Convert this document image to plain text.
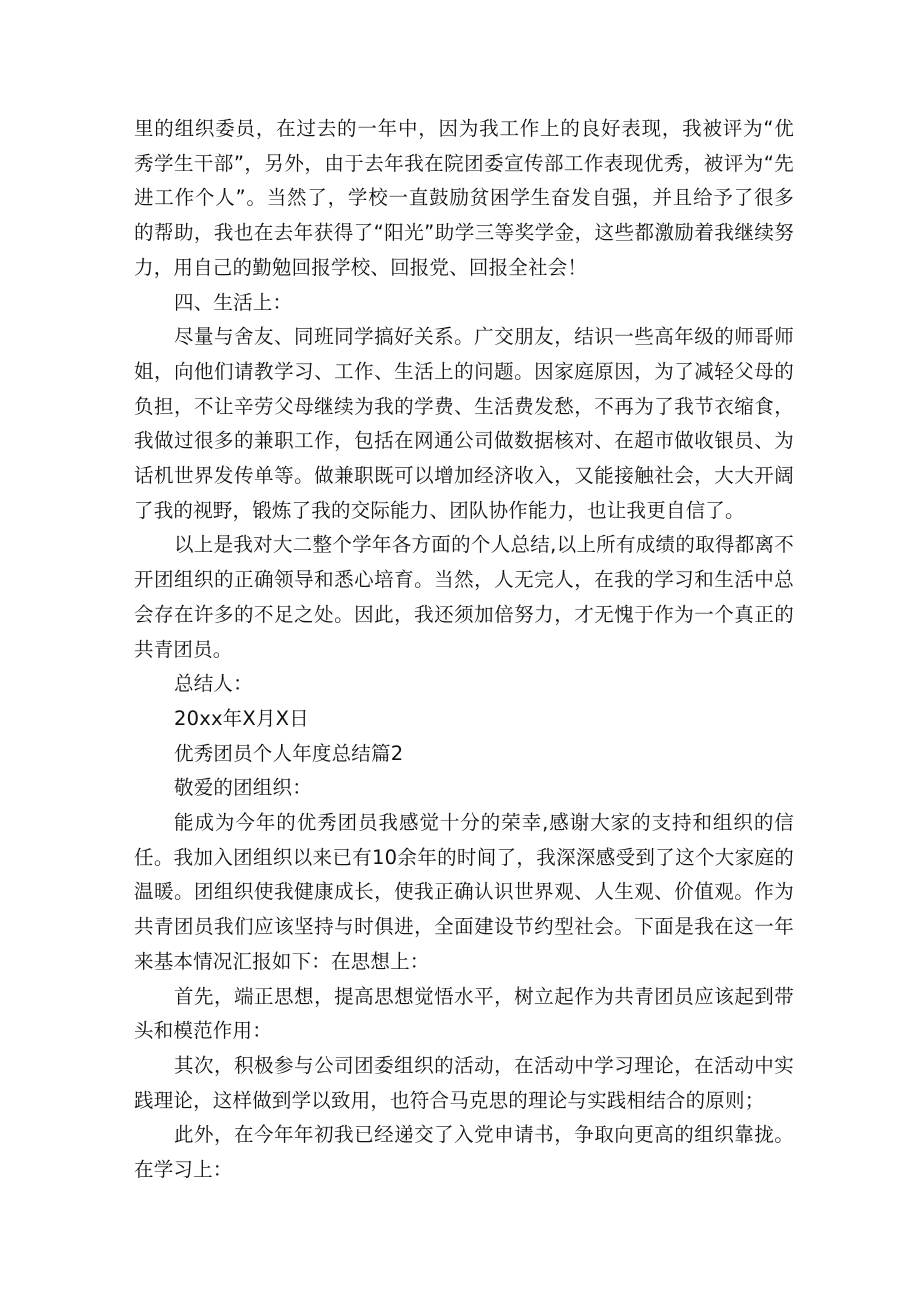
里的组织委员，在过去的一年中，因为我工作上的良好表现，我被评为“优秀学生干部”，另外，由于去年我在院团委宣传部工作表现优秀，被评为“先进工作个人”。当然了，学校一直鼓励贫困学生奋发自强，并且给予了很多的帮助，我也在去年获得了“阳光”助学三等奖学金，这些都激励着我继续努力，用自己的勤勉回报学校、回报党、回报全社会！

四、生活上：

尽量与舍友、同班同学搞好关系。广交朋友，结识一些高年级的师哥师姐，向他们请教学习、工作、生活上的问题。因家庭原因，为了减轻父母的负担，不让辛劳父母继续为我的学费、生活费发愁，不再为了我节衣缩食，我做过很多的兼职工作，包括在网通公司做数据核对、在超市做收银员、为话机世界发传单等。做兼职既可以增加经济收入，又能接触社会，大大开阔了我的视野，锻炼了我的交际能力、团队协作能力，也让我更自信了。

以上是我对大二整个学年各方面的个人总结,以上所有成绩的取得都离不开团组织的正确领导和悉心培育。当然，人无完人，在我的学习和生活中总会存在许多的不足之处。因此，我还须加倍努力，才无愧于作为一个真正的共青团员。

总结人：

20xx年X月X日

优秀团员个人年度总结篇2

敬爱的团组织：

能成为今年的优秀团员我感觉十分的荣幸,感谢大家的支持和组织的信任。我加入团组织以来已有10余年的时间了，我深深感受到了这个大家庭的温暖。团组织使我健康成长，使我正确认识世界观、人生观、价值观。作为共青团员我们应该坚持与时俱进，全面建设节约型社会。下面是我在这一年来基本情况汇报如下：在思想上：

首先，端正思想，提高思想觉悟水平，树立起作为共青团员应该起到带头和模范作用：

其次，积极参与公司团委组织的活动，在活动中学习理论，在活动中实践理论，这样做到学以致用，也符合马克思的理论与实践相结合的原则；

此外，在今年年初我已经递交了入党申请书，争取向更高的组织靠拢。在学习上：
